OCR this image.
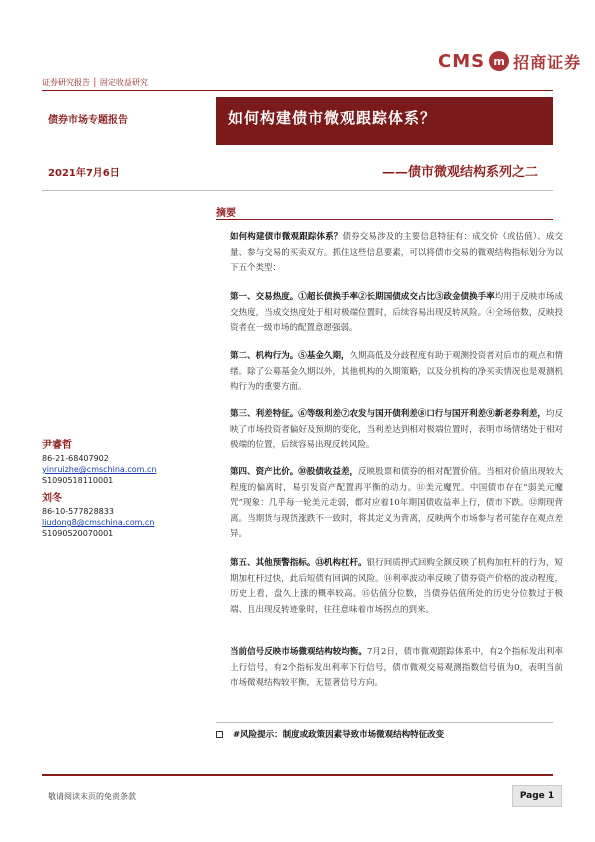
CMS m 招商证券
证券研究报告 │ 固定收益研究
债券市场专题报告	如何构建债市微观跟踪体系？
2021年7月6日	——债市微观结构系列之二
摘要
尹睿哲
86-21-68407902
yinruizhe@cmschina.com.cn
S1090518110001
刘冬
86-10-577828833
liudong8@cmschina.com.cn
S1090520070001
如何构建债市微观跟踪体系？债券交易涉及的主要信息特征有：成交价（或估值）、成交量、参与交易的买卖双方。抓住这些信息要素，可以将债市交易的微观结构指标划分为以下五个类型：
第一、交易热度。①超长债换手率②长期国债成交占比③政金债换手率均用于反映市场成交热度，当成交热度处于相对极端位置时，后续容易出现反转风险。④全场倍数，反映投资者在一级市场的配置意愿强弱。
第二、机构行为。⑤基金久期，久期高低及分歧程度有助于观测投资者对后市的观点和情绪。除了公募基金久期以外，其他机构的久期策略，以及分机构的净买卖情况也是观测机构行为的重要方面。
第三、利差特征。⑥等级利差⑦农发与国开债利差⑧口行与国开利差⑨新老券利差，均反映了市场投资者偏好及预期的变化，当利差达到相对极端位置时，表明市场情绪处于相对极端的位置，后续容易出现反转风险。
第四、资产比价。⑩股债收益差，反映股票和债券的相对配置价值。当相对价值出现较大程度的偏离时，易引发资产配置再平衡的动力。⑪美元魔咒。中国债市存在“弱美元魔咒”现象：几乎每一轮美元走弱，都对应着10年期国债收益率上行，债市下跌。⑫期现背离。当期货与现货涨跌不一致时，将其定义为背离，反映两个市场参与者可能存在观点差异。
第五、其他预警指标。⑬机构杠杆。银行间质押式回购全额反映了机构加杠杆的行为，短期加杠杆过快，此后短债有回调的风险。⑭利率波动率反映了债券资产价格的波动程度，历史上看，盘久上涨的概率较高。⑮估值分位数，当债券估值所处的历史分位数过于极端、且出现反转迹象时，往往意味着市场拐点的到来。
当前信号反映市场微观结构较均衡。7月2日，债市微观跟踪体系中，有2个指标发出利率上行信号，有2个指标发出利率下行信号，债市微观交易观测指数信号值为0，表明当前市场微观结构较平衡，无显著信号方向。
#风险提示：制度或政策因素导致市场微观结构特征改变
敬请阅读末页的免责条款	Page 1
